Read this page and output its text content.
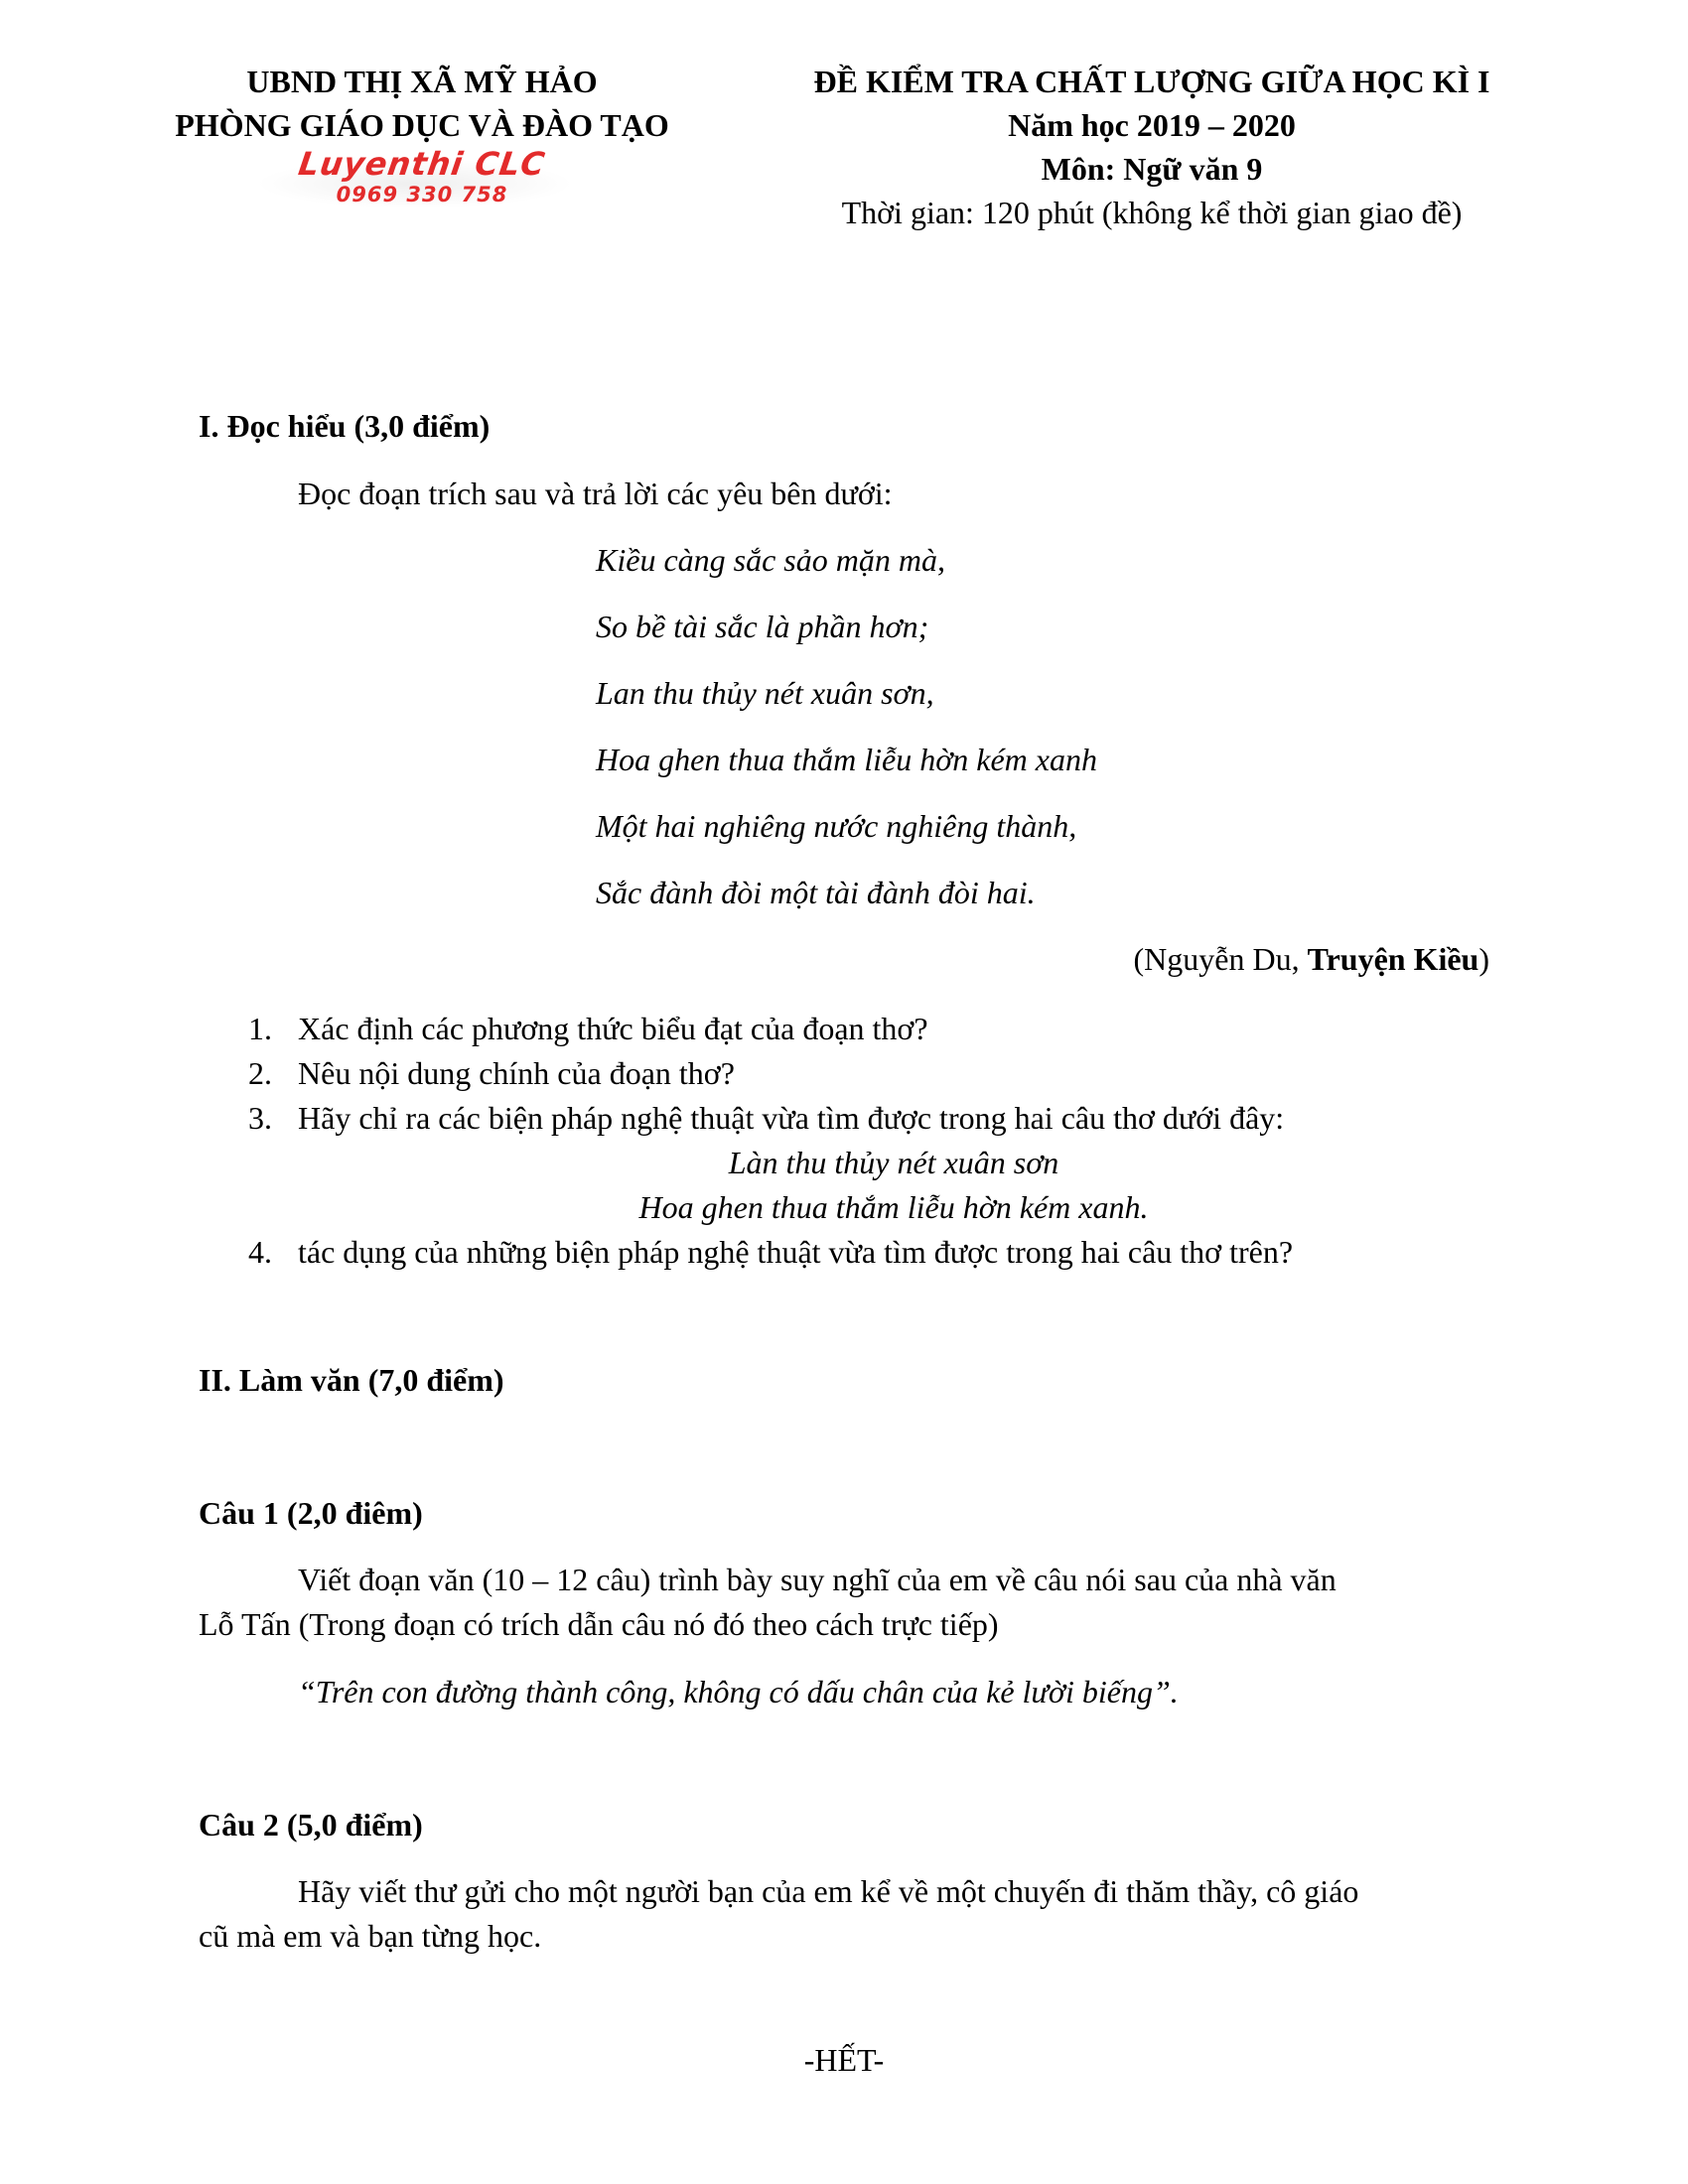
UBND THỊ XÃ MỸ HẢO
PHÒNG GIÁO DỤC VÀ ĐÀO TẠO
Luyenthi CLC
0969 330 758
ĐỀ KIỂM TRA CHẤT LƯỢNG GIỮA HỌC KÌ I
Năm học 2019 – 2020
Môn: Ngữ văn 9
Thời gian: 120 phút (không kể thời gian giao đề)
I. Đọc hiểu (3,0 điểm)
Đọc đoạn trích sau và trả lời các yêu bên dưới:
Kiều càng sắc sảo mặn mà,
So bề tài sắc là phần hơn;
Lan thu thủy nét xuân sơn,
Hoa ghen thua thắm liễu hờn kém xanh
Một hai nghiêng nước nghiêng thành,
Sắc đành đòi một tài đành đòi hai.
(Nguyễn Du, Truyện Kiều)
1. Xác định các phương thức biểu đạt của đoạn thơ?
2. Nêu nội dung chính của đoạn thơ?
3. Hãy chỉ ra các biện pháp nghệ thuật vừa tìm được trong hai câu thơ dưới đây:
Làn thu thủy nét xuân sơn
Hoa ghen thua thắm liễu hờn kém xanh.
4. tác dụng của những biện pháp nghệ thuật vừa tìm được trong hai câu thơ trên?
II. Làm văn (7,0 điểm)
Câu 1 (2,0 điêm)
Viết đoạn văn (10 – 12 câu) trình bày suy nghĩ của em về câu nói sau của nhà văn
Lỗ Tấn (Trong đoạn có trích dẫn câu nó đó theo cách trực tiếp)
“Trên con đường thành công, không có dấu chân của kẻ lười biếng”.
Câu 2 (5,0 điểm)
Hãy viết thư gửi cho một người bạn của em kể về một chuyến đi thăm thầy, cô giáo
cũ mà em và bạn từng học.
-HẾT-
